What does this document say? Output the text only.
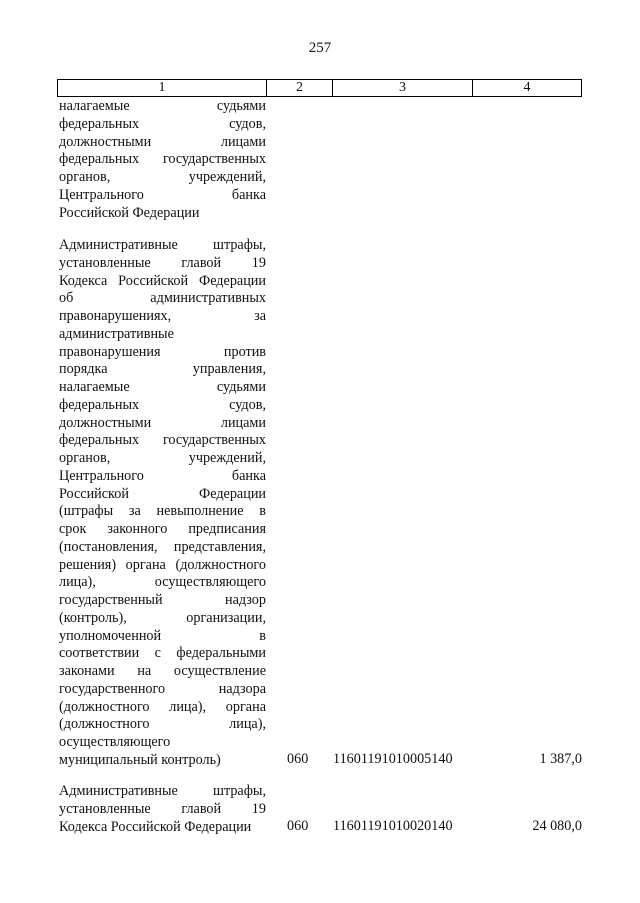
257
1	2	3	4
налагаемые судьями
федеральных судов,
должностными лицами
федеральных государственных
органов, учреждений,
Центрального банка
Российской Федерации
Административные штрафы,
установленные главой 19
Кодекса Российской Федерации
об административных
правонарушениях, за
административные
правонарушения против
порядка управления,
налагаемые судьями
федеральных судов,
должностными лицами
федеральных государственных
органов, учреждений,
Центрального банка
Российской Федерации
(штрафы за невыполнение в
срок законного предписания
(постановления, представления,
решения) органа (должностного
лица), осуществляющего
государственный надзор
(контроль), организации,
уполномоченной в
соответствии с федеральными
законами на осуществление
государственного надзора
(должностного лица), органа
(должностного лица),
осуществляющего
муниципальный контроль)	060	11601191010005140	1 387,0
Административные штрафы,
установленные главой 19
Кодекса Российской Федерации	060	11601191010020140	24 080,0
